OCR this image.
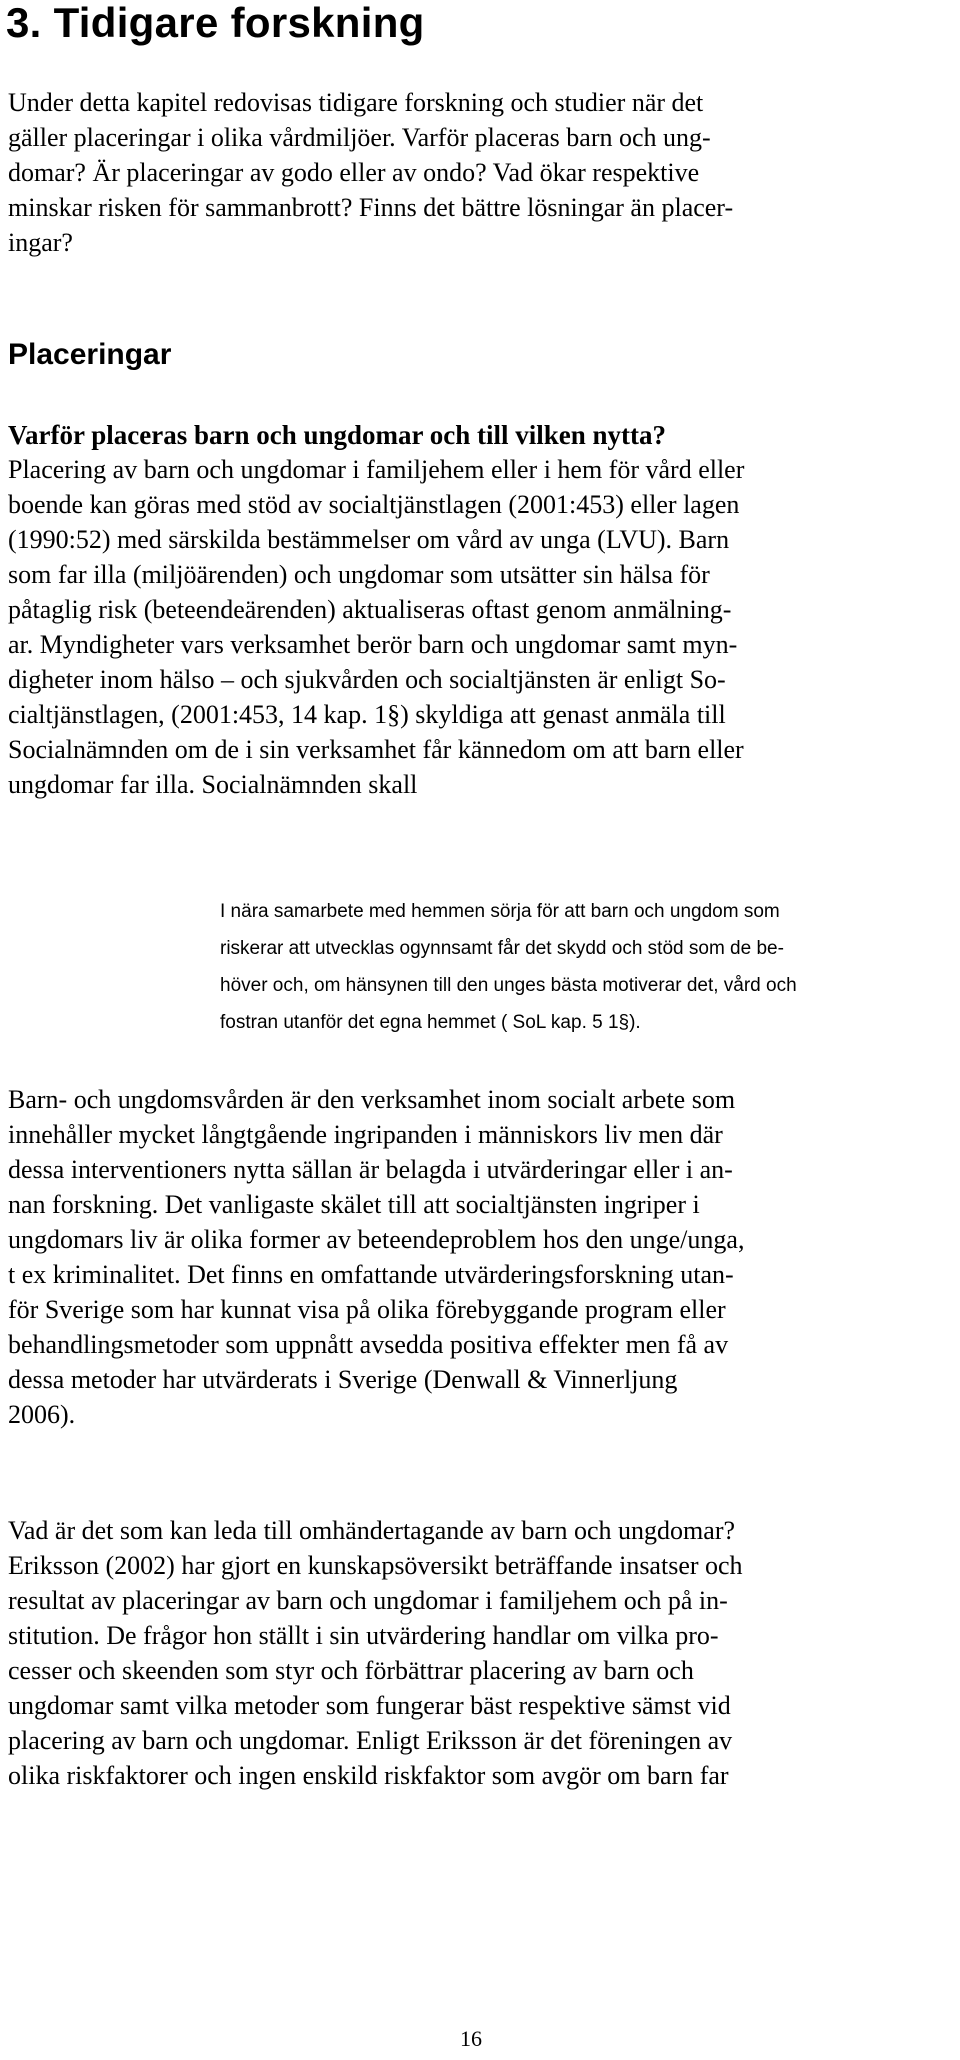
3. Tidigare forskning
Under detta kapitel redovisas tidigare forskning och studier när det
gäller placeringar i olika vårdmiljöer. Varför placeras barn och ung-
domar? Är placeringar av godo eller av ondo? Vad ökar respektive
minskar risken för sammanbrott? Finns det bättre lösningar än placer-
ingar?
Placeringar
Varför placeras barn och ungdomar och till vilken nytta?
Placering av barn och ungdomar i familjehem eller i hem för vård eller
boende kan göras med stöd av socialtjänstlagen (2001:453) eller lagen
(1990:52) med särskilda bestämmelser om vård av unga (LVU). Barn
som far illa (miljöärenden) och ungdomar som utsätter sin hälsa för
påtaglig risk (beteendeärenden) aktualiseras oftast genom anmälning-
ar. Myndigheter vars verksamhet berör barn och ungdomar samt myn-
digheter inom hälso – och sjukvården och socialtjänsten är enligt So-
cialtjänstlagen, (2001:453, 14 kap. 1§) skyldiga att genast anmäla till
Socialnämnden om de i sin verksamhet får kännedom om att barn eller
ungdomar far illa. Socialnämnden skall
I nära samarbete med hemmen sörja för att barn och ungdom som
riskerar att utvecklas ogynnsamt får det skydd och stöd som de be-
höver och, om hänsynen till den unges bästa motiverar det, vård och
fostran utanför det egna hemmet ( SoL kap. 5 1§).
Barn- och ungdomsvården är den verksamhet inom socialt arbete som
innehåller mycket långtgående ingripanden i människors liv men där
dessa interventioners nytta sällan är belagda i utvärderingar eller i an-
nan forskning. Det vanligaste skälet till att socialtjänsten ingriper i
ungdomars liv är olika former av beteendeproblem hos den unge/unga,
t ex kriminalitet. Det finns en omfattande utvärderingsforskning utan-
för Sverige som har kunnat visa på olika förebyggande program eller
behandlingsmetoder som uppnått avsedda positiva effekter men få av
dessa metoder har utvärderats i Sverige (Denwall & Vinnerljung
2006).
Vad är det som kan leda till omhändertagande av barn och ungdomar?
Eriksson (2002) har gjort en kunskapsöversikt beträffande insatser och
resultat av placeringar av barn och ungdomar i familjehem och på in-
stitution. De frågor hon ställt i sin utvärdering handlar om vilka pro-
cesser och skeenden som styr och förbättrar placering av barn och
ungdomar samt vilka metoder som fungerar bäst respektive sämst vid
placering av barn och ungdomar. Enligt Eriksson är det föreningen av
olika riskfaktorer och ingen enskild riskfaktor som avgör om barn far
16
